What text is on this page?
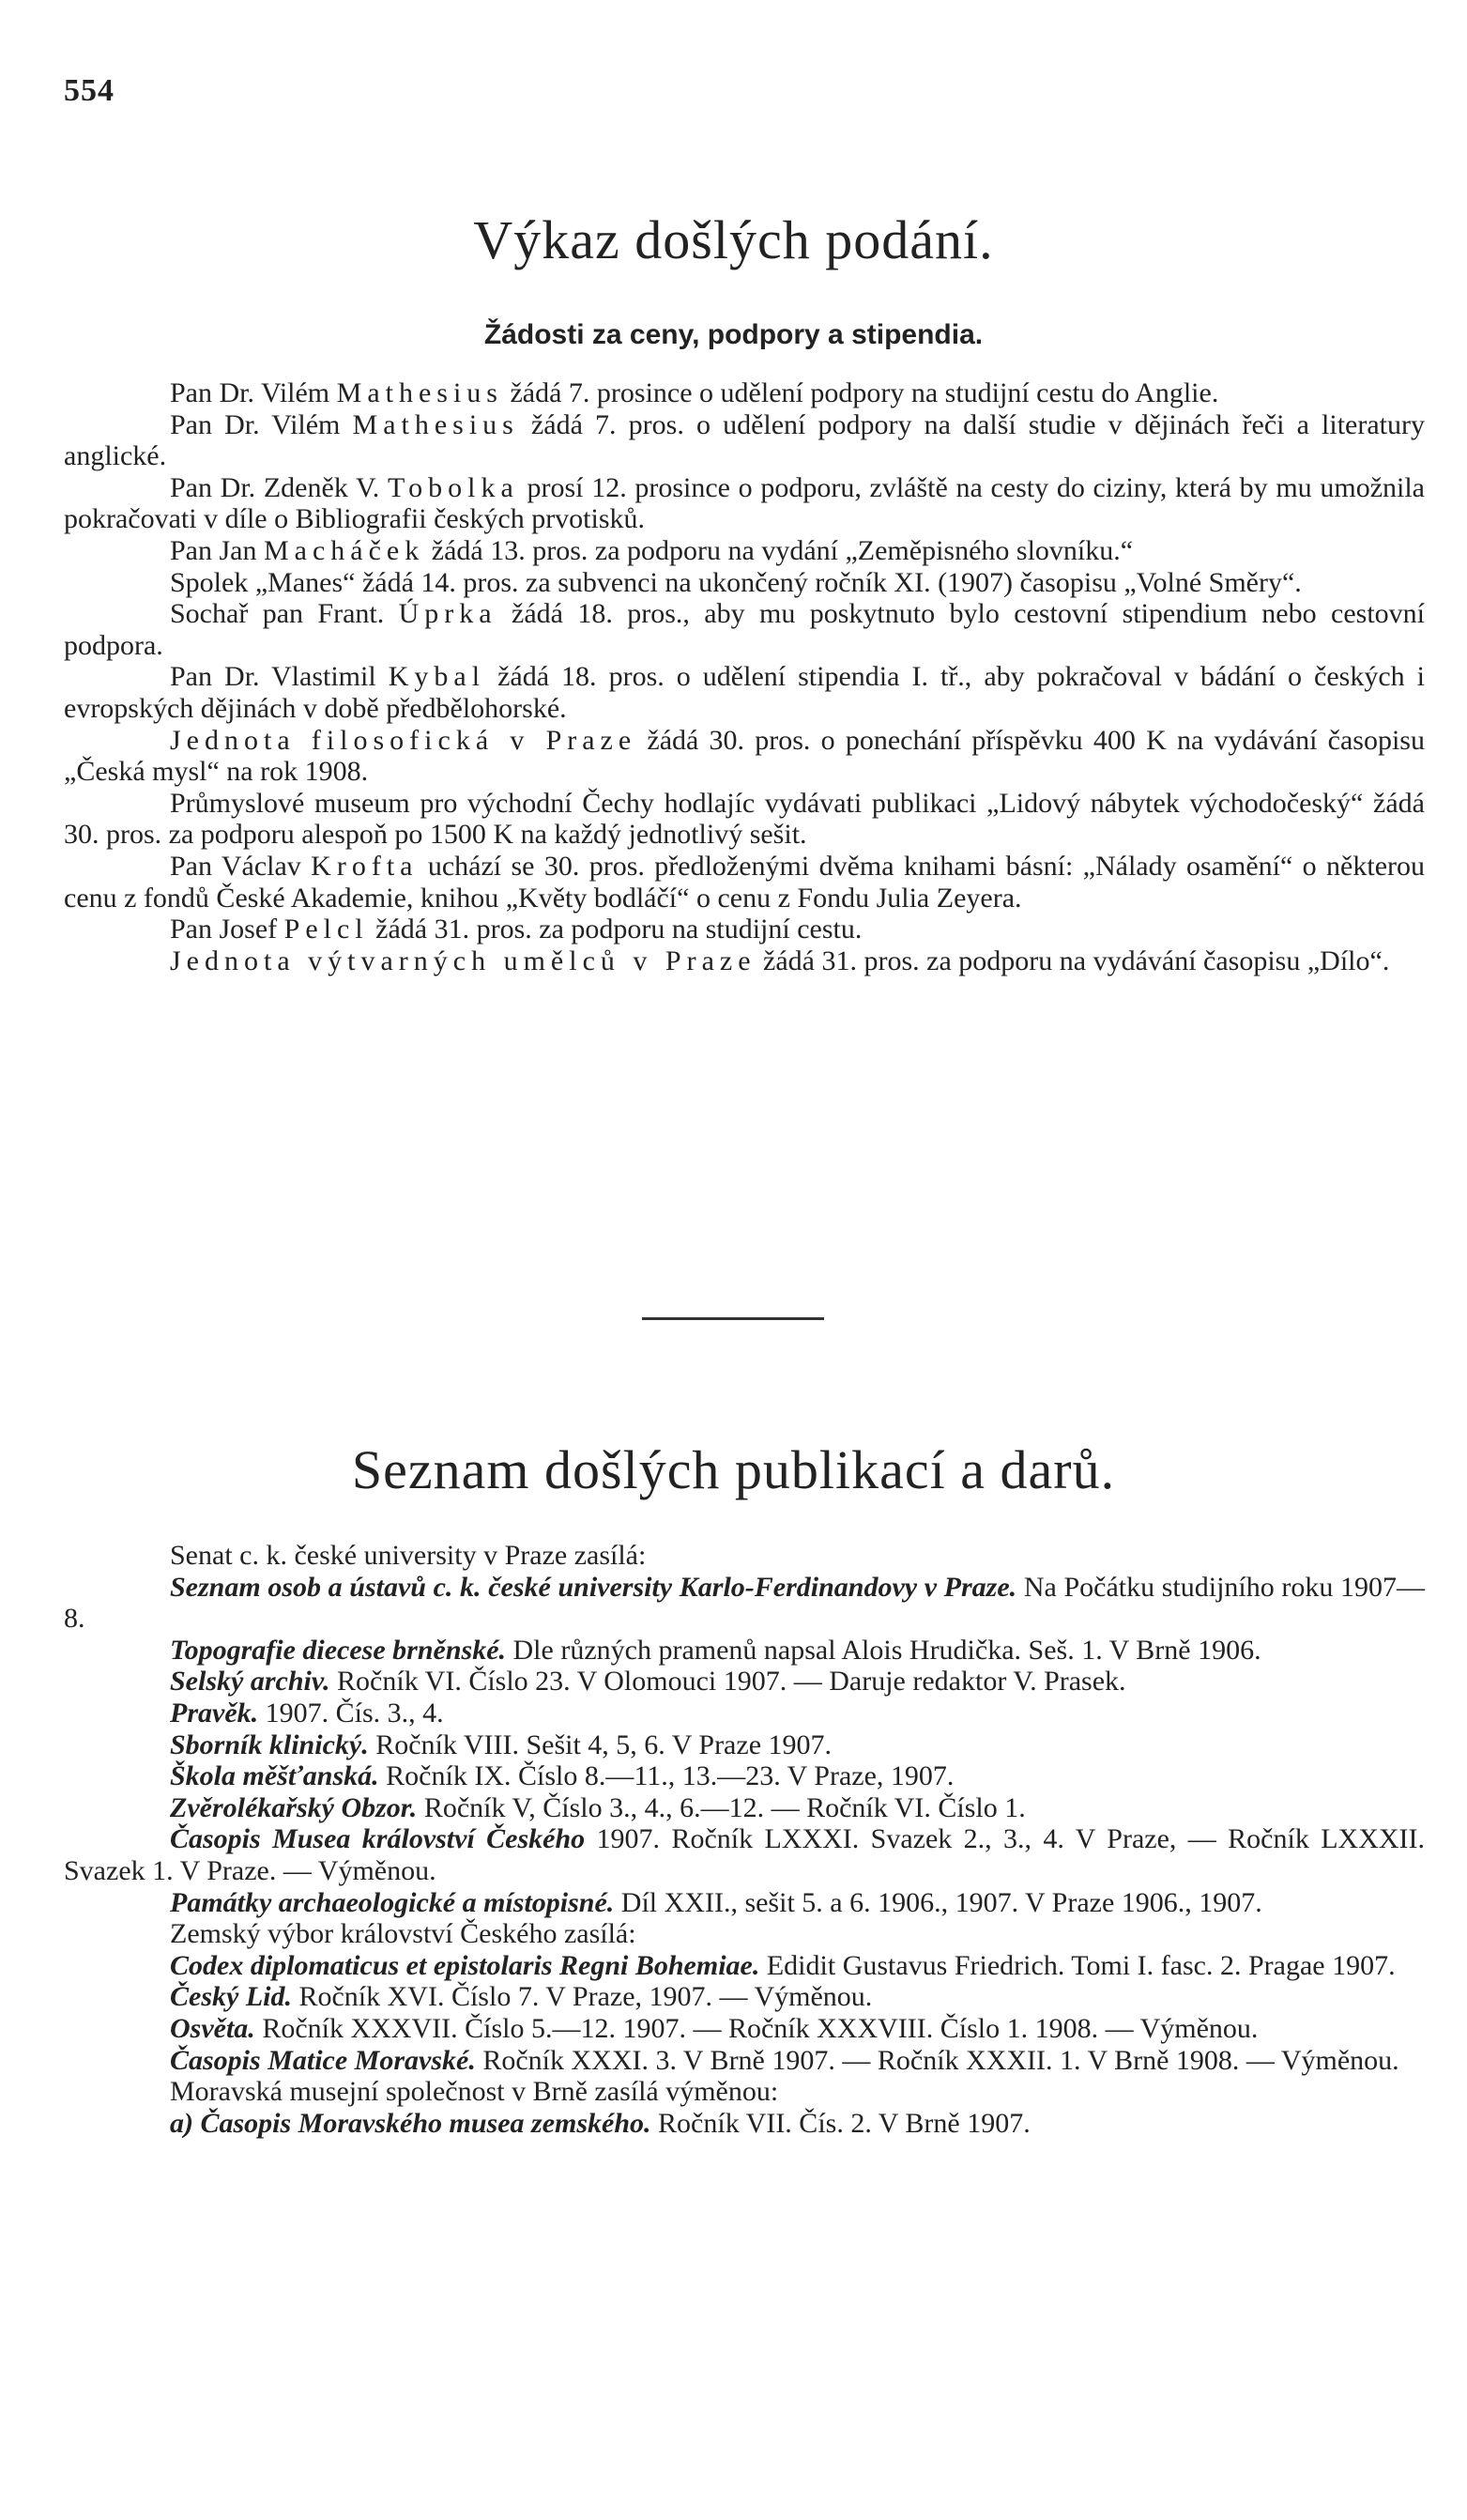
554
Výkaz došlých podání.
Žádosti za ceny, podpory a stipendia.

Pan Dr. Vilém Mathesius žádá 7. prosince o udělení podpory na studijní cestu do Anglie.

Pan Dr. Vilém Mathesius žádá 7. pros. o udělení podpory na další studie v dějinách řeči a literatury anglické.

Pan Dr. Zdeněk V. Tobolka prosí 12. prosince o podporu, zvláště na cesty do ciziny, která by mu umožnila pokračovati v díle o Bibliografii českých prvotisků.

Pan Jan Macháček žádá 13. pros. za podporu na vydání „Zeměpisného slovníku.“

Spolek „Manes“ žádá 14. pros. za subvenci na ukončený ročník XI. (1907) časopisu „Volné Směry“.

Sochař pan Frant. Úprka žádá 18. pros., aby mu poskytnuto bylo cestovní stipendium nebo cestovní podpora.

Pan Dr. Vlastimil Kybal žádá 18. pros. o udělení stipendia I. tř., aby pokračoval v bádání o českých i evropských dějinách v době předbělohorské.

Jednota filosofická v Praze žádá 30. pros. o ponechání příspěvku 400 K na vydávání časopisu „Česká mysl“ na rok 1908.

Průmyslové museum pro východní Čechy hodlajíc vydávati publikaci „Lidový nábytek východočeský“ žádá 30. pros. za podporu alespoň po 1500 K na každý jednotlivý sešit.

Pan Václav Krofta uchází se 30. pros. předloženými dvěma knihami básní: „Nálady osamění“ o některou cenu z fondů České Akademie, knihou „Květy bodláčí“ o cenu z Fondu Julia Zeyera.

Pan Josef Pelcl žádá 31. pros. za podporu na studijní cestu.

Jednota výtvarných umělců v Praze žádá 31. pros. za podporu na vydávání časopisu „Dílo“.

Seznam došlých publikací a darů.

Senat c. k. české university v Praze zasílá:

Seznam osob a ústavů c. k. české university Karlo-Ferdinandovy v Praze. Na Počátku studijního roku 1907—8.

Topografie diecese brněnské. Dle různých pramenů napsal Alois Hrudička. Seš. 1. V Brně 1906.

Selský archiv. Ročník VI. Číslo 23. V Olomouci 1907. — Daruje redaktor V. Prasek.

Pravěk. 1907. Čís. 3., 4.

Sborník klinický. Ročník VIII. Sešit 4, 5, 6. V Praze 1907.

Škola měšťanská. Ročník IX. Číslo 8.—11., 13.—23. V Praze, 1907.

Zvěrolékařský Obzor. Ročník V, Číslo 3., 4., 6.—12. — Ročník VI. Číslo 1.

Časopis Musea království Českého 1907. Ročník LXXXI. Svazek 2., 3., 4. V Praze, — Ročník LXXXII. Svazek 1. V Praze. — Výměnou.

Památky archaeologické a místopisné. Díl XXII., sešit 5. a 6. 1906., 1907. V Praze 1906., 1907.

Zemský výbor království Českého zasílá:

Codex diplomaticus et epistolaris Regni Bohemiae. Edidit Gustavus Friedrich. Tomi I. fasc. 2. Pragae 1907.

Český Lid. Ročník XVI. Číslo 7. V Praze, 1907. — Výměnou.

Osvěta. Ročník XXXVII. Číslo 5.—12. 1907. — Ročník XXXVIII. Číslo 1. 1908. — Výměnou.

Časopis Matice Moravské. Ročník XXXI. 3. V Brně 1907. — Ročník XXXII. 1. V Brně 1908. — Výměnou.

Moravská musejní společnost v Brně zasílá výměnou:

a) Časopis Moravského musea zemského. Ročník VII. Čís. 2. V Brně 1907.
